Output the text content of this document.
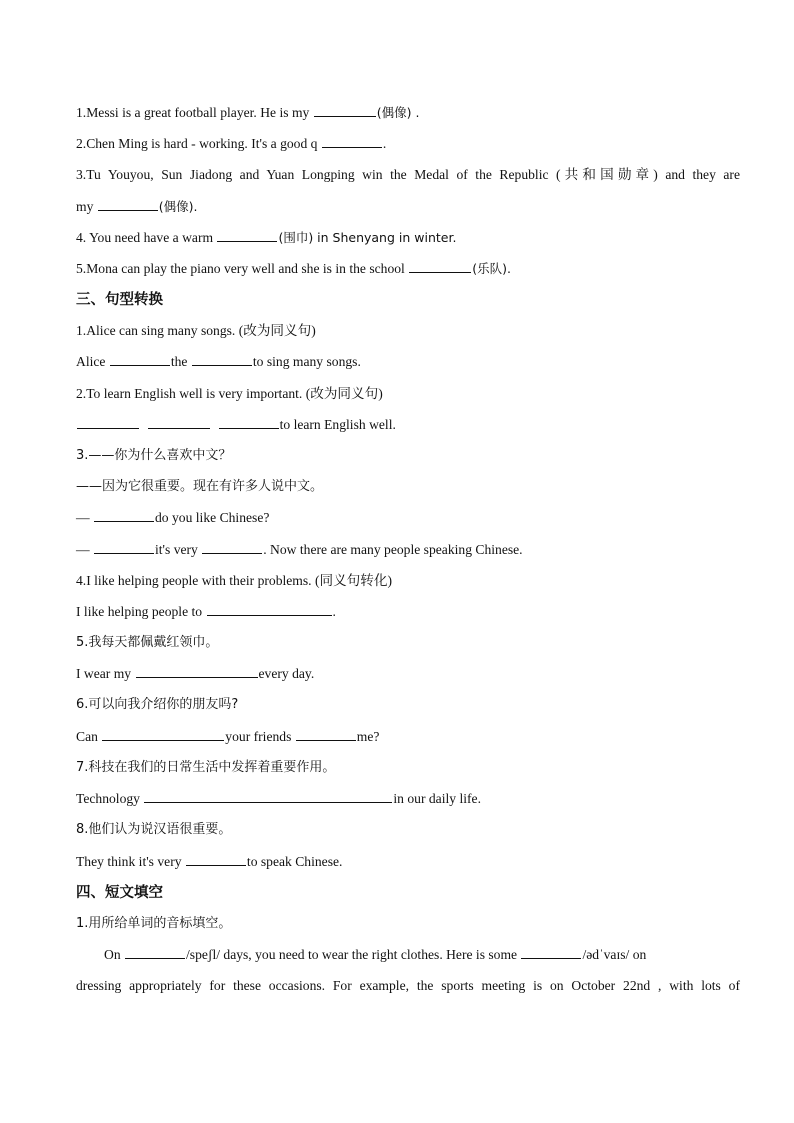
1.Messi is a great football player. He is my	(偶像) .
2.Chen Ming is hard - working. It's a good q	.
3.Tu Youyou, Sun Jiadong and Yuan Longping win the Medal of the Republic (共和国勋章) and they are
my	(偶像).
4. You need have a warm	(围巾) in Shenyang in winter.
5.Mona can play the piano very well and she is in the school	(乐队).
三、句型转换
1.Alice can sing many songs. (改为同义句)
Alice	the	to sing many songs.
2.To learn English well is very important. (改为同义句)
to learn English well.
3.——你为什么喜欢中文？
——因为它很重要。现在有许多人说中文。
—	do you like Chinese?
—	it's very	. Now there are many people speaking Chinese.
4.I like helping people with their problems. (同义句转化)
I like helping people to	.
5.我每天都佩戴红领巾。
I wear my	every day.
6.可以向我介绍你的朋友吗?
Can	your friends	me?
7.科技在我们的日常生活中发挥着重要作用。
Technology	in our daily life.
8.他们认为说汉语很重要。
They think it's very	to speak Chinese.
四、短文填空
1.用所给单词的音标填空。
On	/speʃl/ days, you need to wear the right clothes. Here is some	/ədˈvaɪs/ on
dressing appropriately for these occasions. For example, the sports meeting is on October 22nd , with lots of
